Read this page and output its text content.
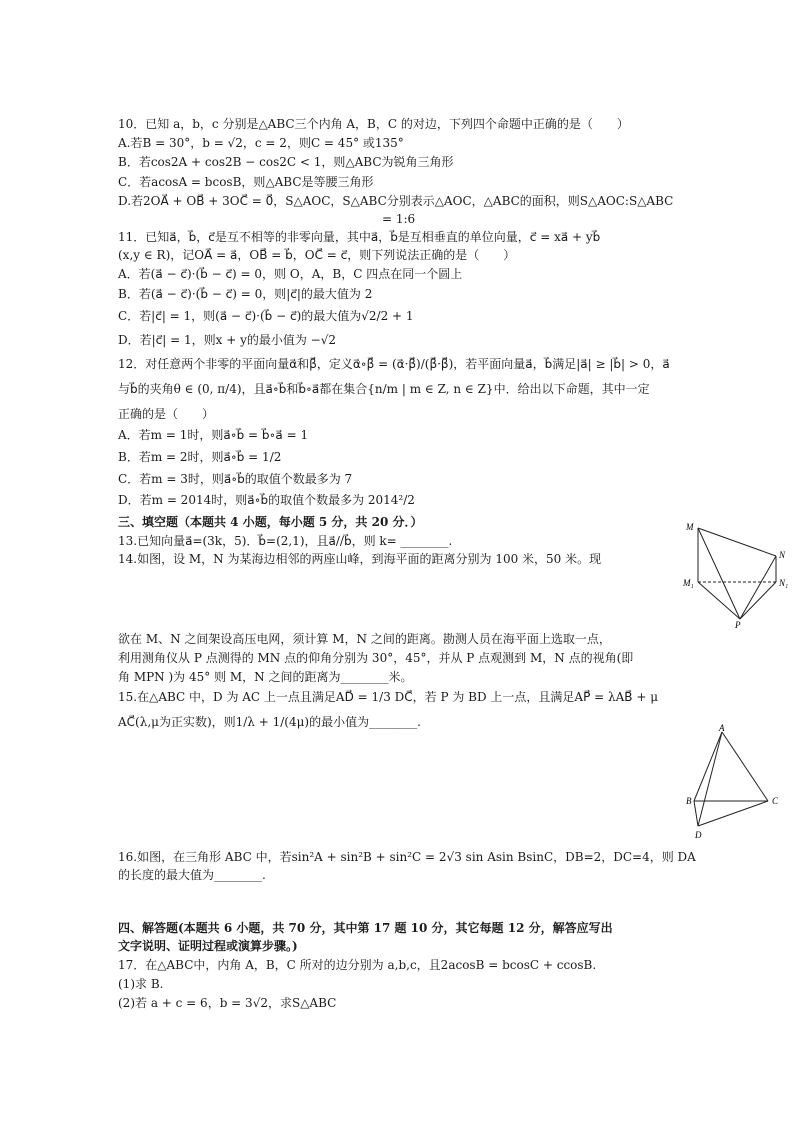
10．已知 a，b，c 分别是△ABC三个内角 A，B，C 的对边，下列四个命题中正确的是（　　）
A.若B = 30°，b = √2，c = 2，则C = 45° 或135°
B．若cos2A + cos2B − cos2C < 1，则△ABC为锐角三角形
C．若acosA = bcosB，则△ABC是等腰三角形
D.若2OA⃗ + OB⃗ + 3OC⃗ = 0⃗，S△AOC，S△ABC分别表示△AOC，△ABC的面积，则S△AOC:S△ABC
= 1:6
11．已知a⃗，b⃗，c⃗是互不相等的非零向量，其中a⃗，b⃗是互相垂直的单位向量，c⃗ = xa⃗ + yb⃗
(x,y ∈ R)，记OA⃗ = a⃗，OB⃗ = b⃗，OC⃗ = c⃗，则下列说法正确的是（　　）
A．若(a⃗ − c⃗)·(b⃗ − c⃗) = 0，则 O，A，B，C 四点在同一个圆上
B．若(a⃗ − c⃗)·(b⃗ − c⃗) = 0，则|c⃗|的最大值为 2
C．若|c⃗| = 1，则(a⃗ − c⃗)·(b⃗ − c⃗)的最大值为√2/2 + 1
D．若|c⃗| = 1，则x + y的最小值为 −√2
12．对任意两个非零的平面向量α⃗和β⃗，定义α⃗∘β⃗ = (α⃗·β⃗)/(β⃗·β⃗)，若平面向量a⃗，b⃗满足|a⃗| ≥ |b⃗| > 0，a⃗
与b⃗的夹角θ ∈ (0, π/4)，且a⃗∘b⃗和b⃗∘a⃗都在集合{n/m | m ∈ Z, n ∈ Z}中．给出以下命题，其中一定
正确的是（　　）
A．若m = 1时，则a⃗∘b⃗ = b⃗∘a⃗ = 1
B．若m = 2时，则a⃗∘b⃗ = 1/2
C．若m = 3时，则a⃗∘b⃗的取值个数最多为 7
D．若m = 2014时，则a⃗∘b⃗的取值个数最多为 2014²/2
三、填空题（本题共 4 小题，每小题 5 分，共 20 分．）
13.已知向量a⃗=(3k，5)．b⃗=(2,1)，且a⃗//b⃗，则 k= ________.
14.如图，设 M，N 为某海边相邻的两座山峰，到海平面的距离分别为 100 米，50 米。现
M
N
M₁	N₁
P
欲在 M、N 之间架设高压电网，须计算 M，N 之间的距离。勘测人员在海平面上选取一点，
利用测角仪从 P 点测得的 MN 点的仰角分别为 30°，45°，并从 P 点观测到 M，N 点的视角(即
角 MPN )为 45° 则 M，N 之间的距离为________米。
15.在△ABC 中，D 为 AC 上一点且满足AD⃗ = 1/3 DC⃗，若 P 为 BD 上一点，且满足AP⃗ = λAB⃗ + μ
AC⃗(λ,μ为正实数)，则1/λ + 1/(4μ)的最小值为________.	A
B	C
D
16.如图，在三角形 ABC 中，若sin²A + sin²B + sin²C = 2√3 sin Asin BsinC，DB=2，DC=4，则 DA
的长度的最大值为________.
四、解答题(本题共 6 小题，共 70 分，其中第 17 题 10 分，其它每题 12 分，解答应写出
文字说明、证明过程或演算步骤。)
17．在△ABC中，内角 A，B，C 所对的边分别为 a,b,c，且2acosB = bcosC + ccosB.
(1)求 B.
(2)若 a + c = 6，b = 3√2，求S△ABC
